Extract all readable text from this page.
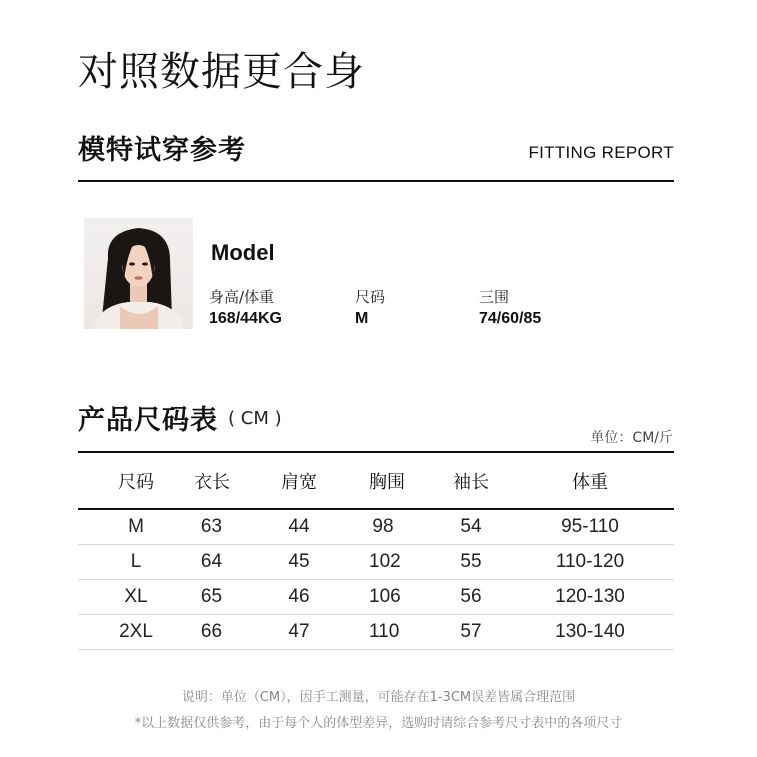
对照数据更合身
模特试穿参考	FITTING REPORT
Model
身高/体重
168/44KG
尺码
M
三围
74/60/85
产品尺码表 ( CM )
单位：CM/斤
尺码	衣长	肩宽	胸围	袖长	体重
M	63	44	98	54	95-110
L	64	45	102	55	110-120
XL	65	46	106	56	120-130
2XL	66	47	110	57	130-140
说明：单位（CM），因手工测量，可能存在1-3CM误差皆属合理范围
*以上数据仅供参考，由于每个人的体型差异，选购时请综合参考尺寸表中的各项尺寸
